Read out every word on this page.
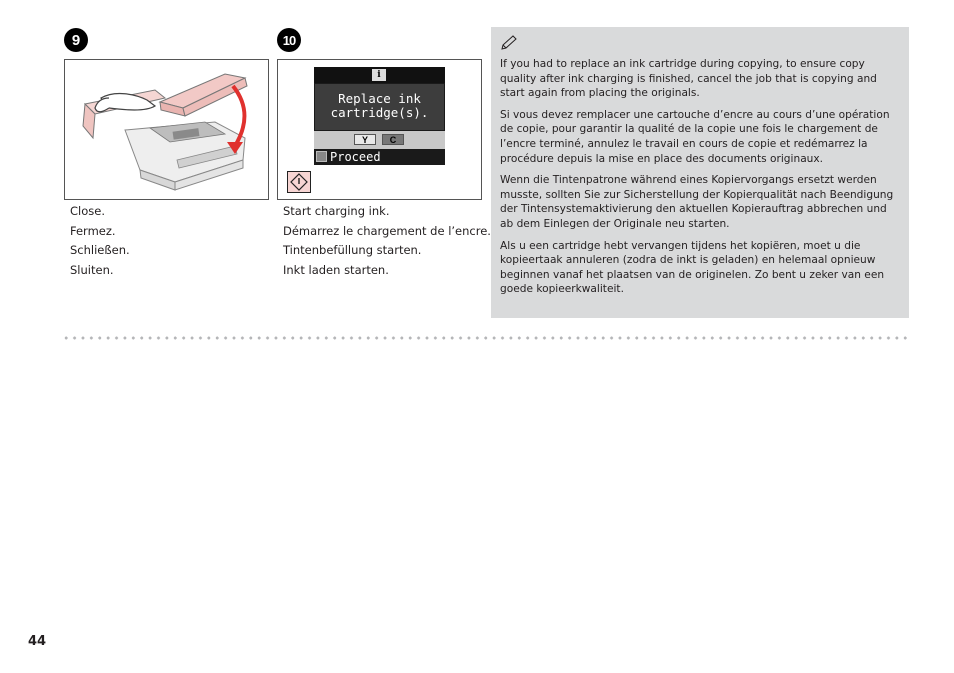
9
Close.
Fermez.
Schließen.
Sluiten.
10
i
Replace ink
cartridge(s).
Y	C
Proceed
Start charging ink.
Démarrez le chargement de l’encre.
Tintenbefüllung starten.
Inkt laden starten.

If you had to replace an ink cartridge during copying, to ensure copy quality after ink charging is finished, cancel the job that is copying and start again from placing the originals.

Si vous devez remplacer une cartouche d’encre au cours d’une opération de copie, pour garantir la qualité de la copie une fois le chargement de l’encre terminé, annulez le travail en cours de copie et redémarrez la procédure depuis la mise en place des documents originaux.

Wenn die Tintenpatrone während eines Kopiervorgangs ersetzt werden musste, sollten Sie zur Sicherstellung der Kopierqualität nach Beendigung der Tintensystemaktivierung den aktuellen Kopierauftrag abbrechen und ab dem Einlegen der Originale neu starten.

Als u een cartridge hebt vervangen tijdens het kopiëren, moet u die kopieertaak annuleren (zodra de inkt is geladen) en helemaal opnieuw beginnen vanaf het plaatsen van de originelen. Zo bent u zeker van een goede kopieerkwaliteit.

44
